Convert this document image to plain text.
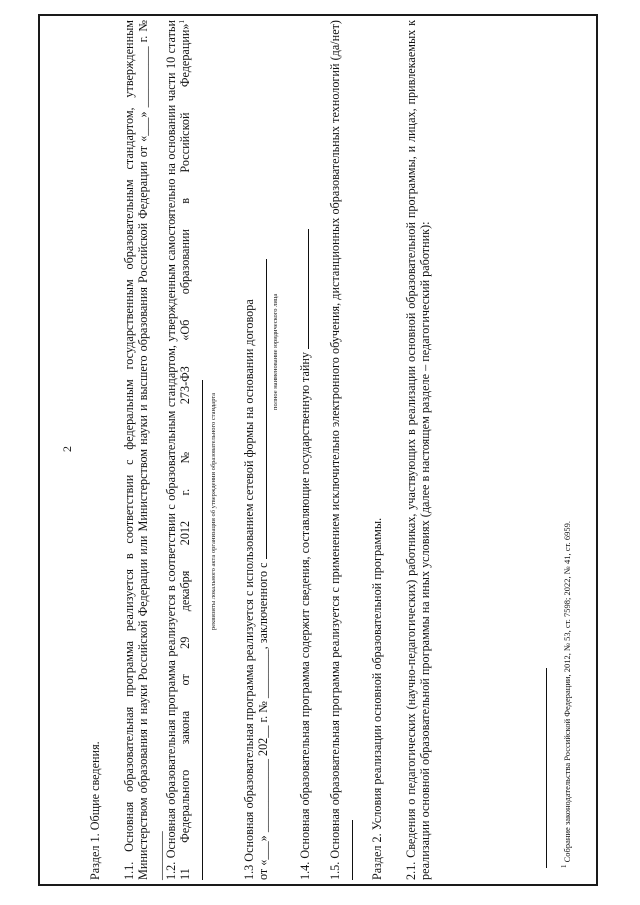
2
Раздел 1. Общие сведения. 1.1. Основная образовательная программа реализуется в соответствии с федеральным государственным образовательным стандартом, утвержденным Министерством образования и науки Российской Федерации или Министерством науки и высшего образования Российской Федерации от «___» __________ г. № ________ 1.2. Основная образовательная программа реализуется в соответствии с образовательным стандартом, утвержденным самостоятельно на основании части 10 статьи 11 Федерального закона от 29 декабря 2012 г. № 273-ФЗ «Об образовании в Российской Федерации»$^1$
реквизиты локального акта организации об утверждении образовательного стандарта 1.3 Основная образовательная программа реализуется с использованием сетевой формы на основании договора от «___» ____________ 202__ г. № ________, заключенного с
полное наименование юридического лица
1.4. Основная образовательная программа содержит сведения, составляющие государственную тайну 1.5. Основная образовательная программа реализуется с применением исключительно электронного обучения, дистанционных образовательных технологий (да/нет)	Раздел 2. Условия реализации основной образовательной программы. 2.1. Сведения о педагогических (научно-педагогических) работниках, участвующих в реализации основной образовательной программы, и лицах, привлекаемых к реализации основной образовательной программы на иных условиях (далее в настоящем разделе – педагогический работник):	$^1$ Собрание законодательства Российской Федерации, 2012, № 53, ст. 7598; 2022, № 41, ст. 6959.
